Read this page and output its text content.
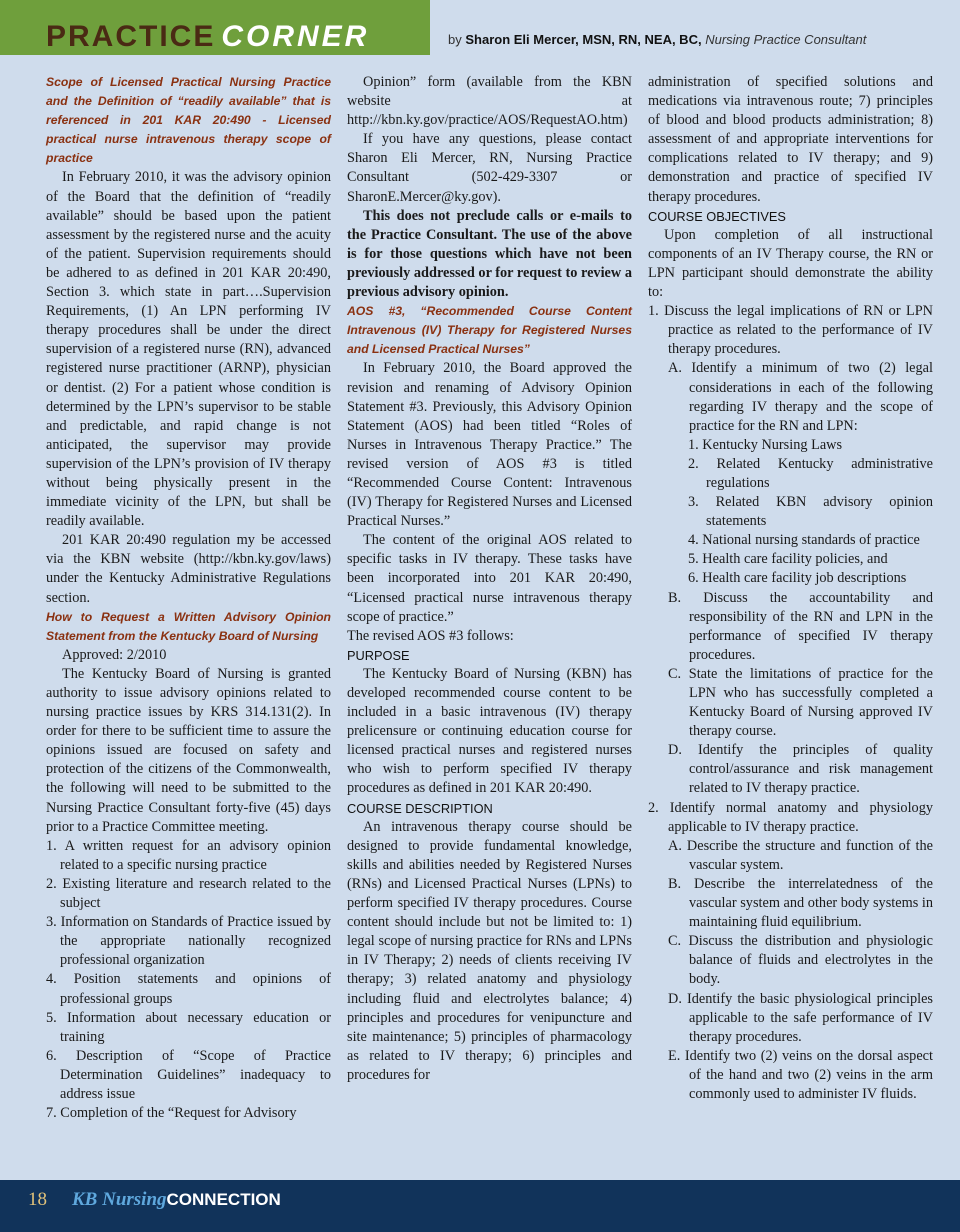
PRACTICE CORNER	by Sharon Eli Mercer, MSN, RN, NEA, BC, Nursing Practice Consultant

Scope of Licensed Practical Nursing Practice and the Definition of “readily available” that is referenced in 201 KAR 20:490 - Licensed practical nurse intravenous therapy scope of practice

In February 2010, it was the advisory opinion of the Board that the definition of “readily available” should be based upon the patient assessment by the registered nurse and the acuity of the patient. Supervision requirements should be adhered to as defined in 201 KAR 20:490, Section 3. which state in part….Supervision Requirements, (1) An LPN performing IV therapy procedures shall be under the direct supervision of a registered nurse (RN), advanced registered nurse practitioner (ARNP), physician or dentist. (2) For a patient whose condition is determined by the LPN’s supervisor to be stable and predictable, and rapid change is not anticipated, the supervisor may provide supervision of the LPN’s provision of IV therapy without being physically present in the immediate vicinity of the LPN, but shall be readily available.

201 KAR 20:490 regulation my be accessed via the KBN website (http://kbn.ky.gov/laws) under the Kentucky Administrative Regulations section.

How to Request a Written Advisory Opinion Statement from the Kentucky Board of Nursing

Approved: 2/2010

The Kentucky Board of Nursing is granted authority to issue advisory opinions related to nursing practice issues by KRS 314.131(2). In order for there to be sufficient time to assure the opinions issued are focused on safety and protection of the citizens of the Commonwealth, the following will need to be submitted to the Nursing Practice Consultant forty-five (45) days prior to a Practice Committee meeting.

1. A written request for an advisory opinion related to a specific nursing practice

2. Existing literature and research related to the subject

3. Information on Standards of Practice issued by the appropriate nationally recognized professional organization

4. Position statements and opinions of professional groups

5. Information about necessary education or training

6. Description of “Scope of Practice Determination Guidelines” inadequacy to address issue

7. Completion of the “Request for Advisory

Opinion” form (available from the KBN website at http://kbn.ky.gov/practice/AOS/RequestAO.htm)

If you have any questions, please contact Sharon Eli Mercer, RN, Nursing Practice Consultant (502-429-3307 or SharonE.Mercer@ky.gov).

This does not preclude calls or e-mails to the Practice Consultant. The use of the above is for those questions which have not been previously addressed or for request to review a previous advisory opinion.

AOS #3, “Recommended Course Content Intravenous (IV) Therapy for Registered Nurses and Licensed Practical Nurses”

In February 2010, the Board approved the revision and renaming of Advisory Opinion Statement #3. Previously, this Advisory Opinion Statement (AOS) had been titled “Roles of Nurses in Intravenous Therapy Practice.” The revised version of AOS #3 is titled “Recommended Course Content: Intravenous (IV) Therapy for Registered Nurses and Licensed Practical Nurses.”

The content of the original AOS related to specific tasks in IV therapy. These tasks have been incorporated into 201 KAR 20:490, “Licensed practical nurse intravenous therapy scope of practice.”

The revised AOS #3 follows:

PURPOSE

The Kentucky Board of Nursing (KBN) has developed recommended course content to be included in a basic intravenous (IV) therapy prelicensure or continuing education course for licensed practical nurses and registered nurses who wish to perform specified IV therapy procedures as defined in 201 KAR 20:490.

COURSE DESCRIPTION

An intravenous therapy course should be designed to provide fundamental knowledge, skills and abilities needed by Registered Nurses (RNs) and Licensed Practical Nurses (LPNs) to perform specified IV therapy procedures. Course content should include but not be limited to: 1) legal scope of nursing practice for RNs and LPNs in IV Therapy; 2) needs of clients receiving IV therapy; 3) related anatomy and physiology including fluid and electrolytes balance; 4) principles and procedures for venipuncture and site maintenance; 5) principles of pharmacology as related to IV therapy; 6) principles and procedures for

administration of specified solutions and medications via intravenous route; 7) principles of blood and blood products administration; 8) assessment of and appropriate interventions for complications related to IV therapy; and 9) demonstration and practice of specified IV therapy procedures.

COURSE OBJECTIVES

Upon completion of all instructional components of an IV Therapy course, the RN or LPN participant should demonstrate the ability to:

1. Discuss the legal implications of RN or LPN practice as related to the performance of IV therapy procedures.

A. Identify a minimum of two (2) legal considerations in each of the following regarding IV therapy and the scope of practice for the RN and LPN:

1. Kentucky Nursing Laws

2. Related Kentucky administrative regulations

3. Related KBN advisory opinion statements

4. National nursing standards of practice

5. Health care facility policies, and

6. Health care facility job descriptions

B. Discuss the accountability and responsibility of the RN and LPN in the performance of specified IV therapy procedures.

C. State the limitations of practice for the LPN who has successfully completed a Kentucky Board of Nursing approved IV therapy course.

D. Identify the principles of quality control/assurance and risk management related to IV therapy practice.

2. Identify normal anatomy and physiology applicable to IV therapy practice.

A. Describe the structure and function of the vascular system.

B. Describe the interrelatedness of the vascular system and other body systems in maintaining fluid equilibrium.

C. Discuss the distribution and physiologic balance of fluids and electrolytes in the body.

D. Identify the basic physiological principles applicable to the safe performance of IV therapy procedures.

E. Identify two (2) veins on the dorsal aspect of the hand and two (2) veins in the arm commonly used to administer IV fluids.

18 KB NursingCONNECTION
